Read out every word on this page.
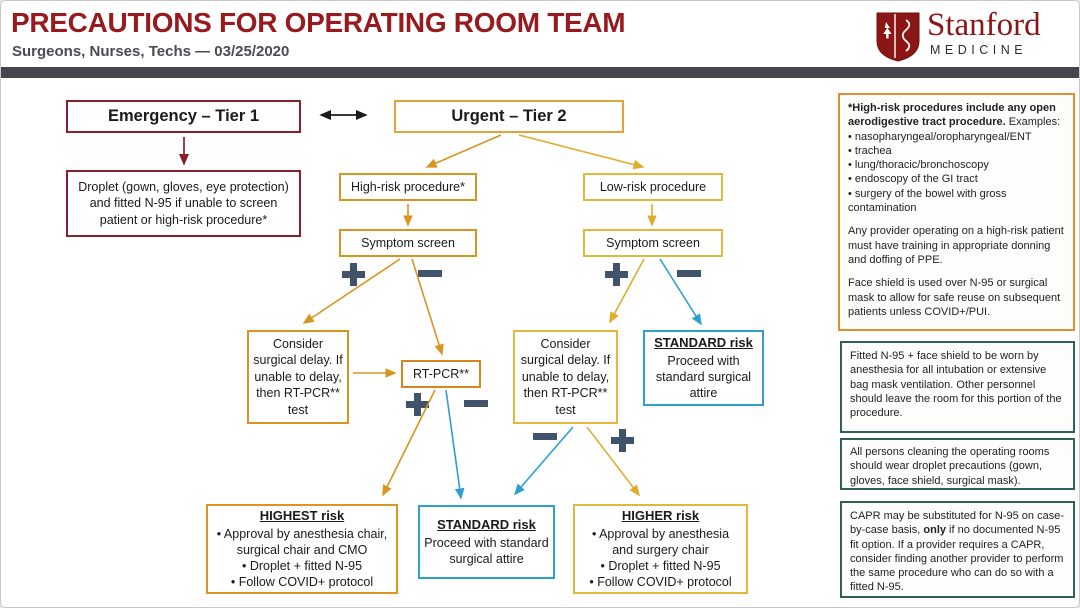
PRECAUTIONS FOR OPERATING ROOM TEAM
Surgeons, Nurses, Techs — 03/25/2020
Stanford
MEDICINE
Emergency – Tier 1	Urgent – Tier 2
Droplet (gown, gloves, eye protection) and fitted N-95 if unable to screen patient or high-risk procedure*
High-risk procedure*	Low-risk procedure
Symptom screen	Symptom screen
Consider surgical delay. If unable to delay, then RT-PCR** test
RT-PCR**
Consider surgical delay. If unable to delay, then RT-PCR** test
STANDARD risk
Proceed with standard surgical attire
HIGHEST risk
• Approval by anesthesia chair, surgical chair and CMO
• Droplet + fitted N-95
• Follow COVID+ protocol
STANDARD risk
Proceed with standard surgical attire
HIGHER risk
• Approval by anesthesia and surgery chair
• Droplet + fitted N-95
• Follow COVID+ protocol

*High-risk procedures include any open aerodigestive tract procedure. Examples:

• nasopharyngeal/oropharyngeal/ENT
• trachea
• lung/thoracic/bronchoscopy
• endoscopy of the GI tract
• surgery of the bowel with gross contamination

Any provider operating on a high-risk patient must have training in appropriate donning and doffing of PPE.

Face shield is used over N-95 or surgical mask to allow for safe reuse on subsequent patients unless COVID+/PUI.

Fitted N-95 + face shield to be worn by anesthesia for all intubation or extensive bag mask ventilation. Other personnel should leave the room for this portion of the procedure.
All persons cleaning the operating rooms should wear droplet precautions (gown, gloves, face shield, surgical mask).
CAPR may be substituted for N-95 on case-by-case basis, only if no documented N-95 fit option. If a provider requires a CAPR, consider finding another provider to perform the same procedure who can do so with a fitted N-95.
